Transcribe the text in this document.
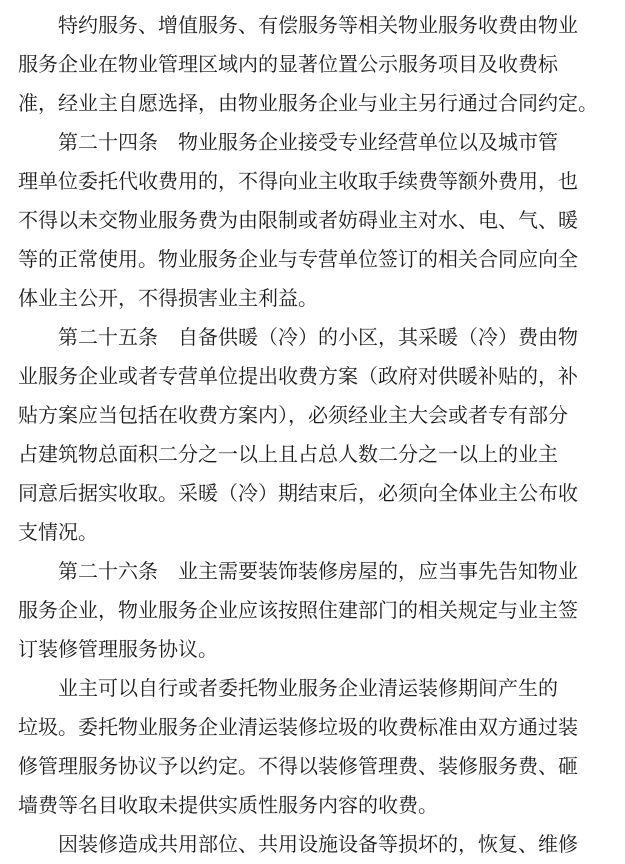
特约服务、增值服务、有偿服务等相关物业服务收费由物业
服务企业在物业管理区域内的显著位置公示服务项目及收费标
准，经业主自愿选择，由物业服务企业与业主另行通过合同约定。
第二十四条　物业服务企业接受专业经营单位以及城市管
理单位委托代收费用的，不得向业主收取手续费等额外费用，也
不得以未交物业服务费为由限制或者妨碍业主对水、电、气、暖
等的正常使用。物业服务企业与专营单位签订的相关合同应向全
体业主公开，不得损害业主利益。
第二十五条　自备供暖（冷）的小区，其采暖（冷）费由物
业服务企业或者专营单位提出收费方案（政府对供暖补贴的，补
贴方案应当包括在收费方案内），必须经业主大会或者专有部分
占建筑物总面积二分之一以上且占总人数二分之一以上的业主
同意后据实收取。采暖（冷）期结束后，必须向全体业主公布收
支情况。
第二十六条　业主需要装饰装修房屋的，应当事先告知物业
服务企业，物业服务企业应该按照住建部门的相关规定与业主签
订装修管理服务协议。
业主可以自行或者委托物业服务企业清运装修期间产生的
垃圾。委托物业服务企业清运装修垃圾的收费标准由双方通过装
修管理服务协议予以约定。不得以装修管理费、装修服务费、砸
墙费等名目收取未提供实质性服务内容的收费。
因装修造成共用部位、共用设施设备等损坏的，恢复、维修
